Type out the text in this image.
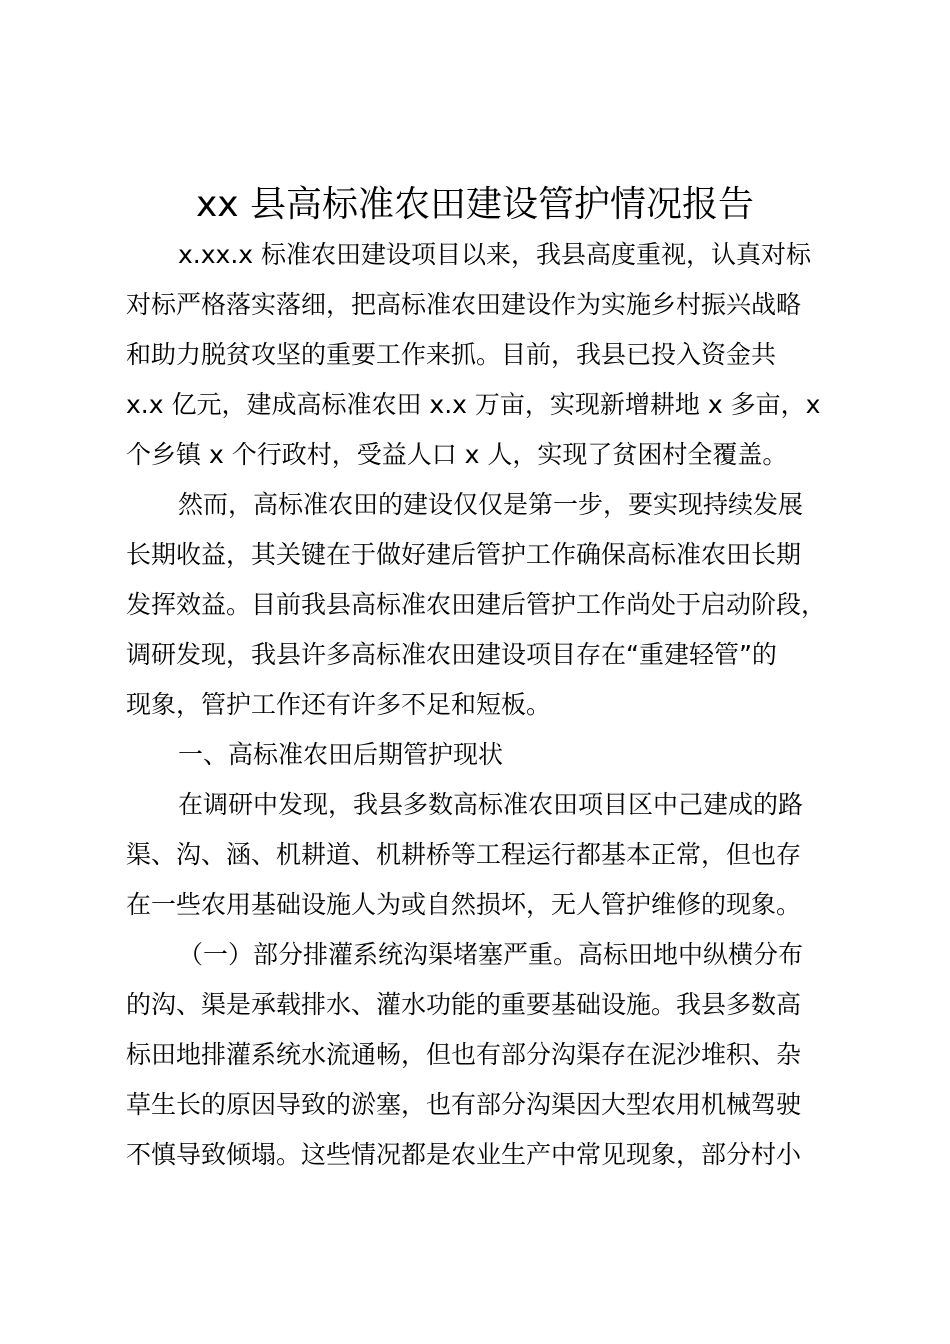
xx 县高标准农田建设管护情况报告
x.xx.x 标准农田建设项目以来，我县高度重视，认真对标
对标严格落实落细，把高标准农田建设作为实施乡村振兴战略
和助力脱贫攻坚的重要工作来抓。目前，我县已投入资金共
x.x 亿元，建成高标准农田 x.x 万亩，实现新增耕地 x 多亩，x
个乡镇 x 个行政村，受益人口 x 人，实现了贫困村全覆盖。
然而，高标准农田的建设仅仅是第一步，要实现持续发展
长期收益，其关键在于做好建后管护工作确保高标准农田长期
发挥效益。目前我县高标准农田建后管护工作尚处于启动阶段，
调研发现，我县许多高标准农田建设项目存在“重建轻管”的
现象，管护工作还有许多不足和短板。
一、高标准农田后期管护现状
在调研中发现，我县多数高标准农田项目区中己建成的路
渠、沟、涵、机耕道、机耕桥等工程运行都基本正常，但也存
在一些农用基础设施人为或自然损坏，无人管护维修的现象。
（一）部分排灌系统沟渠堵塞严重。高标田地中纵横分布
的沟、渠是承载排水、灌水功能的重要基础设施。我县多数高
标田地排灌系统水流通畅，但也有部分沟渠存在泥沙堆积、杂
草生长的原因导致的淤塞，也有部分沟渠因大型农用机械驾驶
不慎导致倾塌。这些情况都是农业生产中常见现象，部分村小
